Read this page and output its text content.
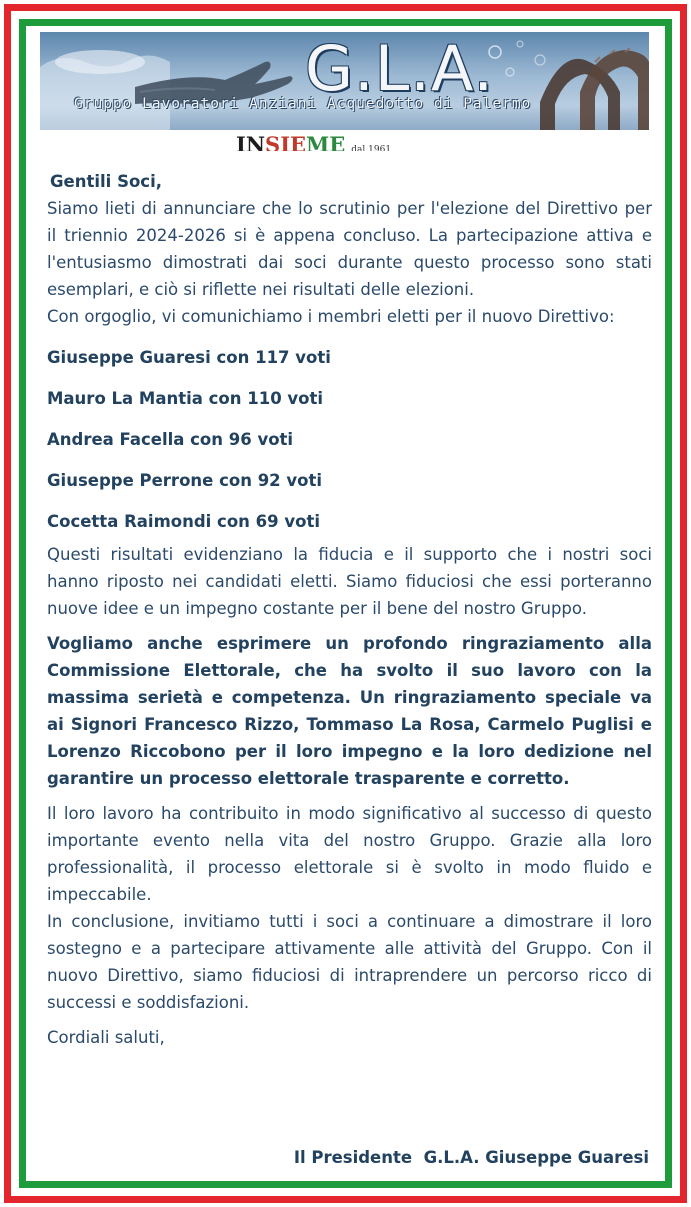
G.L.A.
Gruppo Lavoratori Anziani Acquedotto di Palermo
INSIEME dal 1961

Gentili Soci,

Siamo lieti di annunciare che lo scrutinio per l'elezione del Direttivo per il triennio 2024-2026 si è appena concluso. La partecipazione attiva e l'entusiasmo dimostrati dai soci durante questo processo sono stati esemplari, e ciò si riflette nei risultati delle elezioni.

Con orgoglio, vi comunichiamo i membri eletti per il nuovo Direttivo:

Giuseppe Guaresi con 117 voti

Mauro La Mantia con 110 voti

Andrea Facella con 96 voti

Giuseppe Perrone con 92 voti

Cocetta Raimondi con 69 voti

Questi risultati evidenziano la fiducia e il supporto che i nostri soci hanno riposto nei candidati eletti. Siamo fiduciosi che essi porteranno nuove idee e un impegno costante per il bene del nostro Gruppo.

Vogliamo anche esprimere un profondo ringraziamento alla Commissione Elettorale, che ha svolto il suo lavoro con la massima serietà e competenza. Un ringraziamento speciale va ai Signori Francesco Rizzo, Tommaso La Rosa, Carmelo Puglisi e Lorenzo Riccobono per il loro impegno e la loro dedizione nel garantire un processo elettorale trasparente e corretto.

Il loro lavoro ha contribuito in modo significativo al successo di questo importante evento nella vita del nostro Gruppo. Grazie alla loro professionalità, il processo elettorale si è svolto in modo fluido e impeccabile.

In conclusione, invitiamo tutti i soci a continuare a dimostrare il loro sostegno e a partecipare attivamente alle attività del Gruppo. Con il nuovo Direttivo, siamo fiduciosi di intraprendere un percorso ricco di successi e soddisfazioni.

Cordiali saluti,

Il Presidente  G.L.A. Giuseppe Guaresi
